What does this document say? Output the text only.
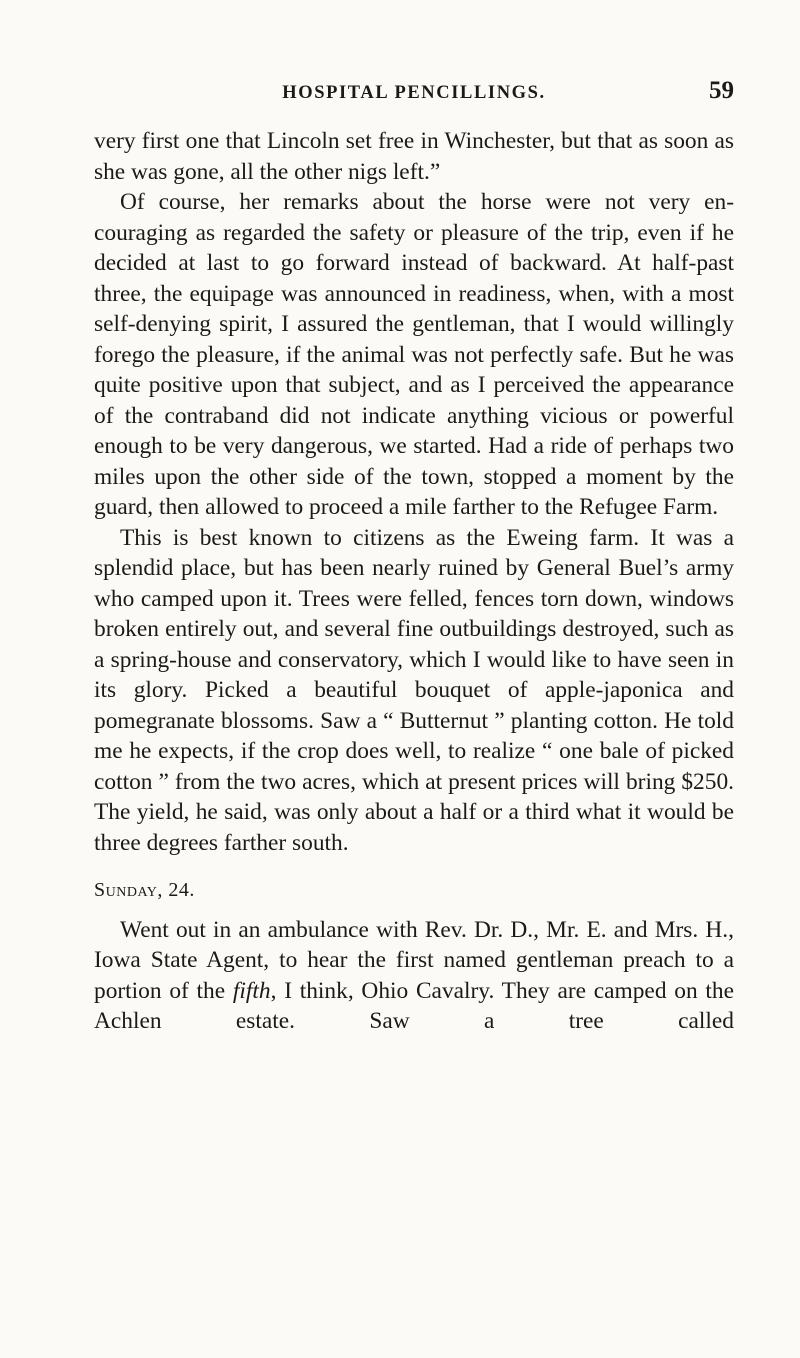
HOSPITAL PENCILLINGS.	59

very first one that Lincoln set free in Winchester, but that as soon as she was gone, all the other nigs left.”

Of course, her remarks about the horse were not very encouraging as regarded the safety or pleasure of the trip, even if he decided at last to go forward instead of backward. At half-past three, the equipage was announced in readiness, when, with a most self-denying spirit, I assured the gentleman, that I would willingly forego the pleasure, if the animal was not perfectly safe. But he was quite positive upon that subject, and as I perceived the appearance of the contraband did not indicate anything vicious or powerful enough to be very dangerous, we started. Had a ride of perhaps two miles upon the other side of the town, stopped a moment by the guard, then allowed to proceed a mile farther to the Refugee Farm.

This is best known to citizens as the Eweing farm. It was a splendid place, but has been nearly ruined by General Buel’s army who camped upon it. Trees were felled, fences torn down, windows broken entirely out, and several fine outbuildings destroyed, such as a spring-house and conservatory, which I would like to have seen in its glory. Picked a beautiful bouquet of apple-japonica and pomegranate blossoms. Saw a “ Butternut ” planting cotton. He told me he expects, if the crop does well, to realize “ one bale of picked cotton ” from the two acres, which at present prices will bring $250. The yield, he said, was only about a half or a third what it would be three degrees farther south.

Sunday, 24.

Went out in an ambulance with Rev. Dr. D., Mr. E. and Mrs. H., Iowa State Agent, to hear the first named gentleman preach to a portion of the fifth, I think, Ohio Cavalry. They are camped on the Achlen estate. Saw a tree called
